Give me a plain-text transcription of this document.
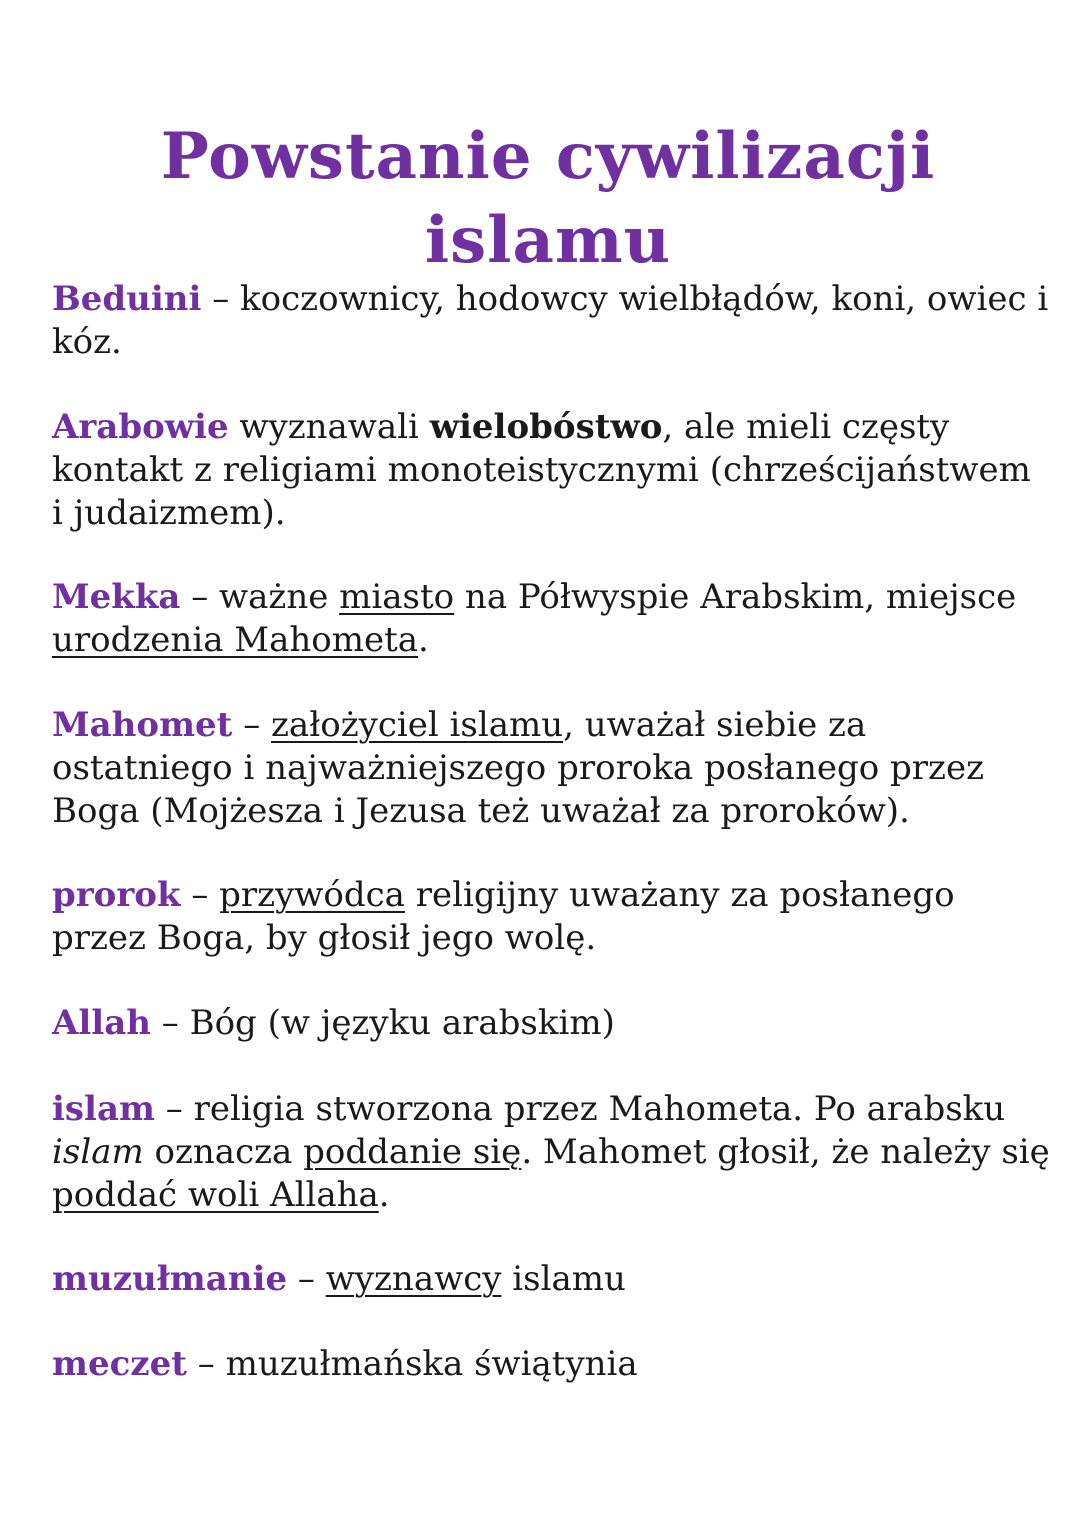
Powstanie cywilizacji
islamu

Beduini – koczownicy, hodowcy wielbłądów, koni, owiec i kóz.

Arabowie wyznawali wielobóstwo, ale mieli częsty kontakt z religiami monoteistycznymi (chrześcijaństwem i judaizmem).

Mekka – ważne miasto na Półwyspie Arabskim, miejsce urodzenia Mahometa.

Mahomet – założyciel islamu, uważał siebie za ostatniego i najważniejszego proroka posłanego przez Boga (Mojżesza i Jezusa też uważał za proroków).

prorok – przywódca religijny uważany za posłanego przez Boga, by głosił jego wolę.

Allah – Bóg (w języku arabskim)

islam – religia stworzona przez Mahometa. Po arabsku islam oznacza poddanie się. Mahomet głosił, że należy się poddać woli Allaha.

muzułmanie – wyznawcy islamu

meczet – muzułmańska świątynia
